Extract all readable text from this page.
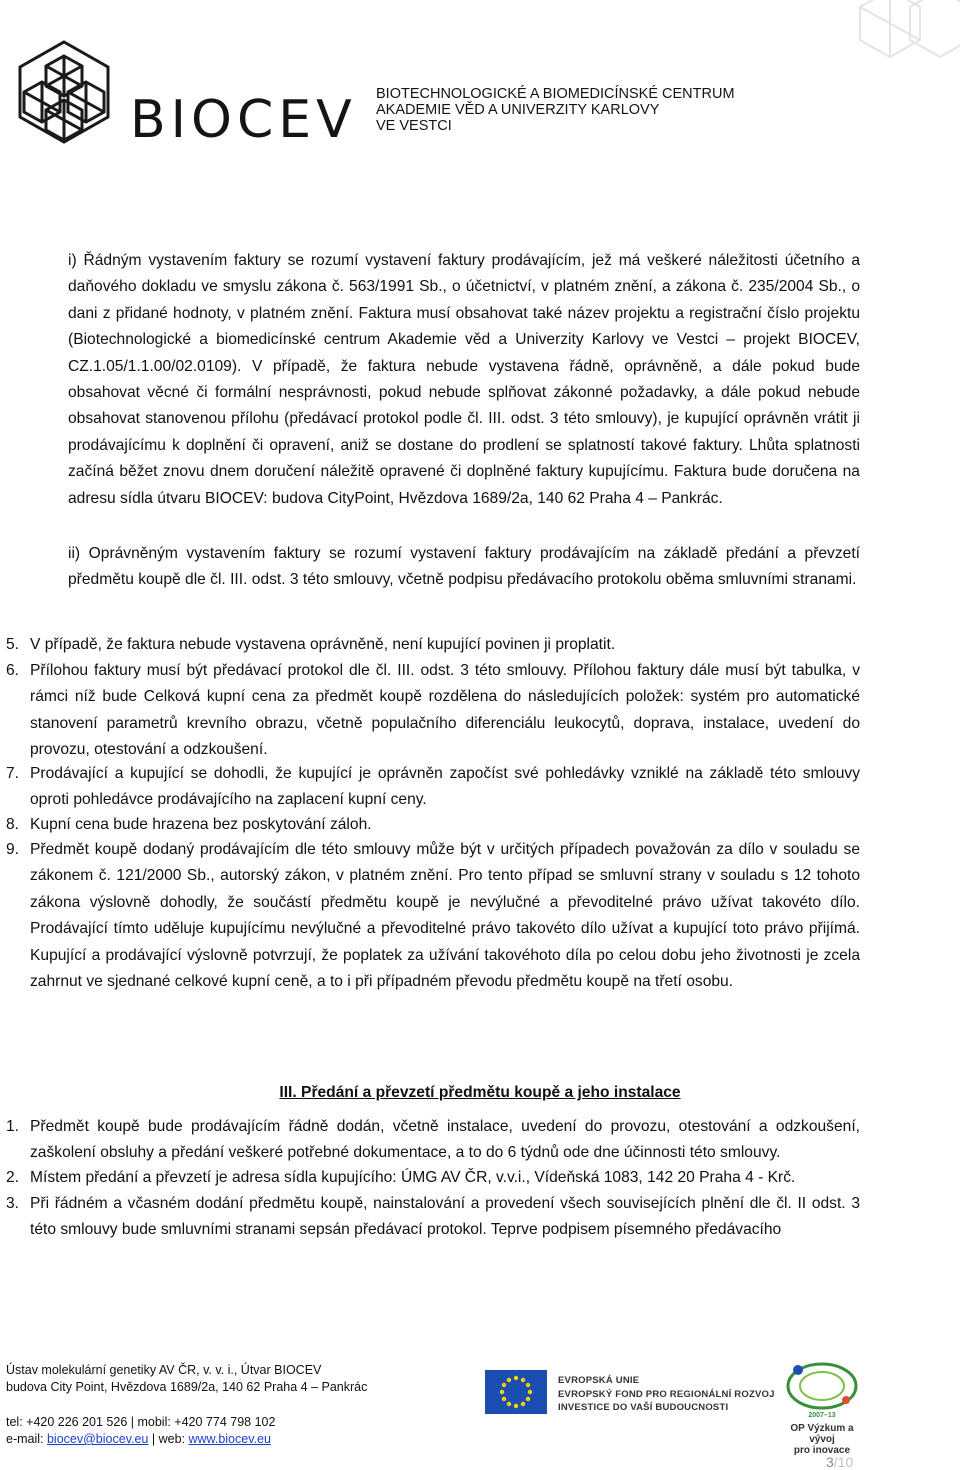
BIOCEV BIOTECHNOLOGICKÉ A BIOMEDICÍNSKÉ CENTRUM
AKADEMIE VĚD A UNIVERZITY KARLOVY
VE VESTCI
i) Řádným vystavením faktury se rozumí vystavení faktury prodávajícím, jež má veškeré náležitosti účetního a daňového dokladu ve smyslu zákona č. 563/1991 Sb., o účetnictví, v platném znění, a zákona č. 235/2004 Sb., o dani z přidané hodnoty, v platném znění. Faktura musí obsahovat také název projektu a registrační číslo projektu (Biotechnologické a biomedicínské centrum Akademie věd a Univerzity Karlovy ve Vestci – projekt BIOCEV, CZ.1.05/1.1.00/02.0109). V případě, že faktura nebude vystavena řádně, oprávněně, a dále pokud bude obsahovat věcné či formální nesprávnosti, pokud nebude splňovat zákonné požadavky, a dále pokud nebude obsahovat stanovenou přílohu (předávací protokol podle čl. III. odst. 3 této smlouvy), je kupující oprávněn vrátit ji prodávajícímu k doplnění či opravení, aniž se dostane do prodlení se splatností takové faktury. Lhůta splatnosti začíná běžet znovu dnem doručení náležitě opravené či doplněné faktury kupujícímu. Faktura bude doručena na adresu sídla útvaru BIOCEV: budova CityPoint, Hvězdova 1689/2a, 140 62 Praha 4 – Pankrác.
ii) Oprávněným vystavením faktury se rozumí vystavení faktury prodávajícím na základě předání a převzetí předmětu koupě dle čl. III. odst. 3 této smlouvy, včetně podpisu předávacího protokolu oběma smluvními stranami.
5. V případě, že faktura nebude vystavena oprávněně, není kupující povinen ji proplatit.
6. Přílohou faktury musí být předávací protokol dle čl. III. odst. 3 této smlouvy. Přílohou faktury dále musí být tabulka, v rámci níž bude Celková kupní cena za předmět koupě rozdělena do následujících položek: systém pro automatické stanovení parametrů krevního obrazu, včetně populačního diferenciálu leukocytů, doprava, instalace, uvedení do provozu, otestování a odzkoušení.
7. Prodávající a kupující se dohodli, že kupující je oprávněn započíst své pohledávky vzniklé na základě této smlouvy oproti pohledávce prodávajícího na zaplacení kupní ceny.
8. Kupní cena bude hrazena bez poskytování záloh.
9. Předmět koupě dodaný prodávajícím dle této smlouvy může být v určitých případech považován za dílo v souladu se zákonem č. 121/2000 Sb., autorský zákon, v platném znění. Pro tento případ se smluvní strany v souladu s 12 tohoto zákona výslovně dohodly, že součástí předmětu koupě je nevýlučné a převoditelné právo užívat takovéto dílo. Prodávající tímto uděluje kupujícímu nevýlučné a převoditelné právo takovéto dílo užívat a kupující toto právo přijímá. Kupující a prodávající výslovně potvrzují, že poplatek za užívání takovéhoto díla po celou dobu jeho životnosti je zcela zahrnut ve sjednané celkové kupní ceně, a to i při případném převodu předmětu koupě na třetí osobu.
III. Předání a převzetí předmětu koupě a jeho instalace
1. Předmět koupě bude prodávajícím řádně dodán, včetně instalace, uvedení do provozu, otestování a odzkoušení, zaškolení obsluhy a předání veškeré potřebné dokumentace, a to do 6 týdnů ode dne účinnosti této smlouvy.
2. Místem předání a převzetí je adresa sídla kupujícího: ÚMG AV ČR, v.v.i., Vídeňská 1083, 142 20 Praha 4 - Krč.
3. Při řádném a včasném dodání předmětu koupě, nainstalování a provedení všech souvisejících plnění dle čl. II odst. 3 této smlouvy bude smluvními stranami sepsán předávací protokol. Teprve podpisem písemného předávacího
Ústav molekulární genetiky AV ČR, v. v. i., Útvar BIOCEV
budova City Point, Hvězdova 1689/2a, 140 62 Praha 4 – Pankrác
tel: +420 226 201 526 | mobil: +420 774 798 102
e-mail: biocev@biocev.eu | web: www.biocev.eu
EVROPSKÁ UNIE
EVROPSKÝ FOND PRO REGIONÁLNÍ ROZVOJ
INVESTICE DO VAŠÍ BUDOUCNOSTI
2007–13
OP Výzkum a vývoj
pro inovace
3/10
